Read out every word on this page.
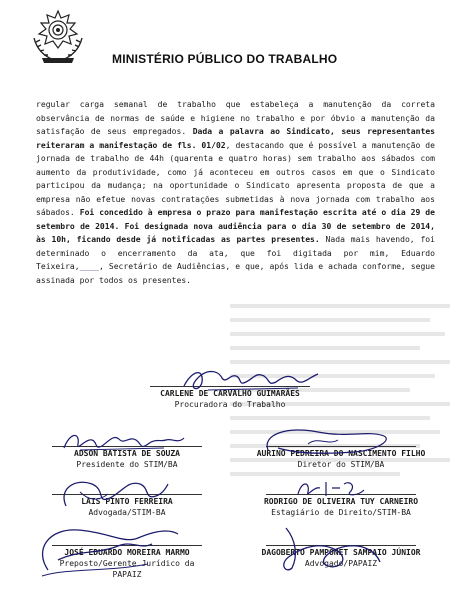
MINISTÉRIO PÚBLICO DO TRABALHO
regular carga semanal de trabalho que estabeleça a manutenção da correta observância de normas de saúde e higiene no trabalho e por óbvio a manutenção da satisfação de seus empregados. Dada a palavra ao Sindicato, seus representantes reiteraram a manifestação de fls. 01/02, destacando que é possível a manutenção de jornada de trabalho de 44h (quarenta e quatro horas) sem trabalho aos sábados com aumento da produtividade, como já aconteceu em outros casos em que o Sindicato participou da mudança; na oportunidade o Sindicato apresenta proposta de que a empresa não efetue novas contratações submetidas à nova jornada com trabalho aos sábados. Foi concedido à empresa o prazo para manifestação escrita até o dia 29 de setembro de 2014. Foi designada nova audiência para o dia 30 de setembro de 2014, às 10h, ficando desde já notificadas as partes presentes. Nada mais havendo, foi determinado o encerramento da ata, que foi digitada por mim, Eduardo Teixeira,____, Secretário de Audiências, e que, após lida e achada conforme, segue assinada por todos os presentes.
CARLENE DE CARVALHO GUIMARÃES
Procuradora do Trabalho
ADSON BATISTA DE SOUZA
Presidente do STIM/BA
AURINO PEDREIRA DO NASCIMENTO FILHO
Diretor do STIM/BA
LAIS PINTO FERREIRA
Advogada/STIM-BA
RODRIGO DE OLIVEIRA TUY CARNEIRO
Estagiário de Direito/STIM-BA
JOSÉ EDUARDO MOREIRA MARMO
Preposto/Gerente Jurídico da
PAPAIZ
DAGOBERTO PAMPONET SAMPAIO JÚNIOR
Advogado/PAPAIZ
